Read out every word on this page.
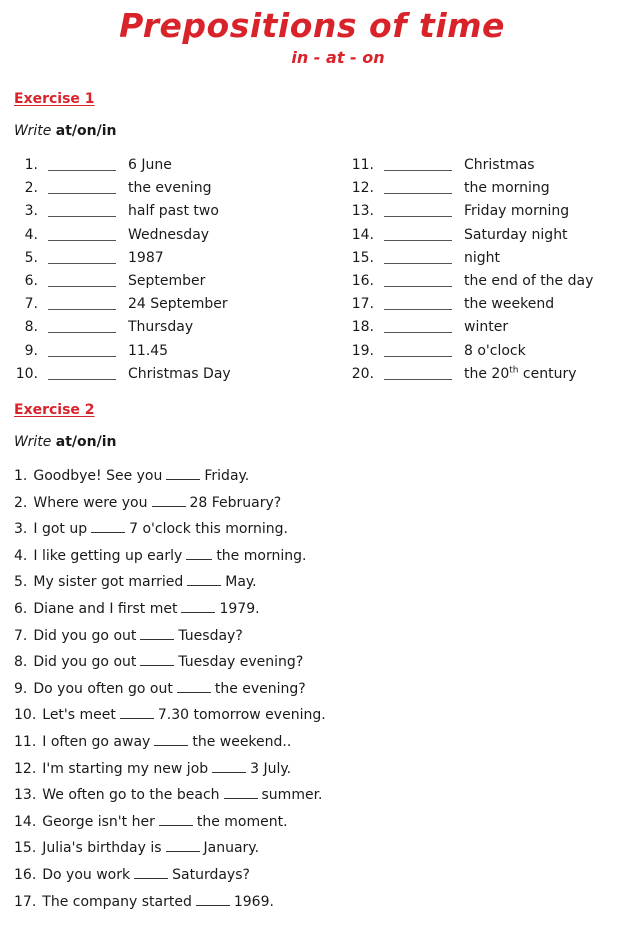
Prepositions of time
in - at - on
Exercise 1
Write at/on/in
1.	6 June
2.	the evening
3.	half past two
4.	Wednesday
5.	1987
6.	September
7.	24 September
8.	Thursday
9.	11.45
10.	Christmas Day
11.	Christmas
12.	the morning
13.	Friday morning
14.	Saturday night
15.	night
16.	the end of the day
17.	the weekend
18.	winter
19.	8 o'clock
20.	the 20th century
Exercise 2
Write at/on/in
1. Goodbye! See you	Friday.
2. Where were you	28 February?
3. I got up	7 o'clock this morning.
4. I like getting up early the morning.
5. My sister got married	May.
6. Diane and I first met	1979.
7. Did you go out	Tuesday?
8. Did you go out	Tuesday evening?
9. Do you often go out	the evening?
10. Let's meet	7.30 tomorrow evening.
11. I often go away	the weekend..
12. I'm starting my new job	3 July.
13. We often go to the beach	summer.
14. George isn't her	the moment.
15. Julia's birthday is	January.
16. Do you work	Saturdays?
17. The company started	1969.
